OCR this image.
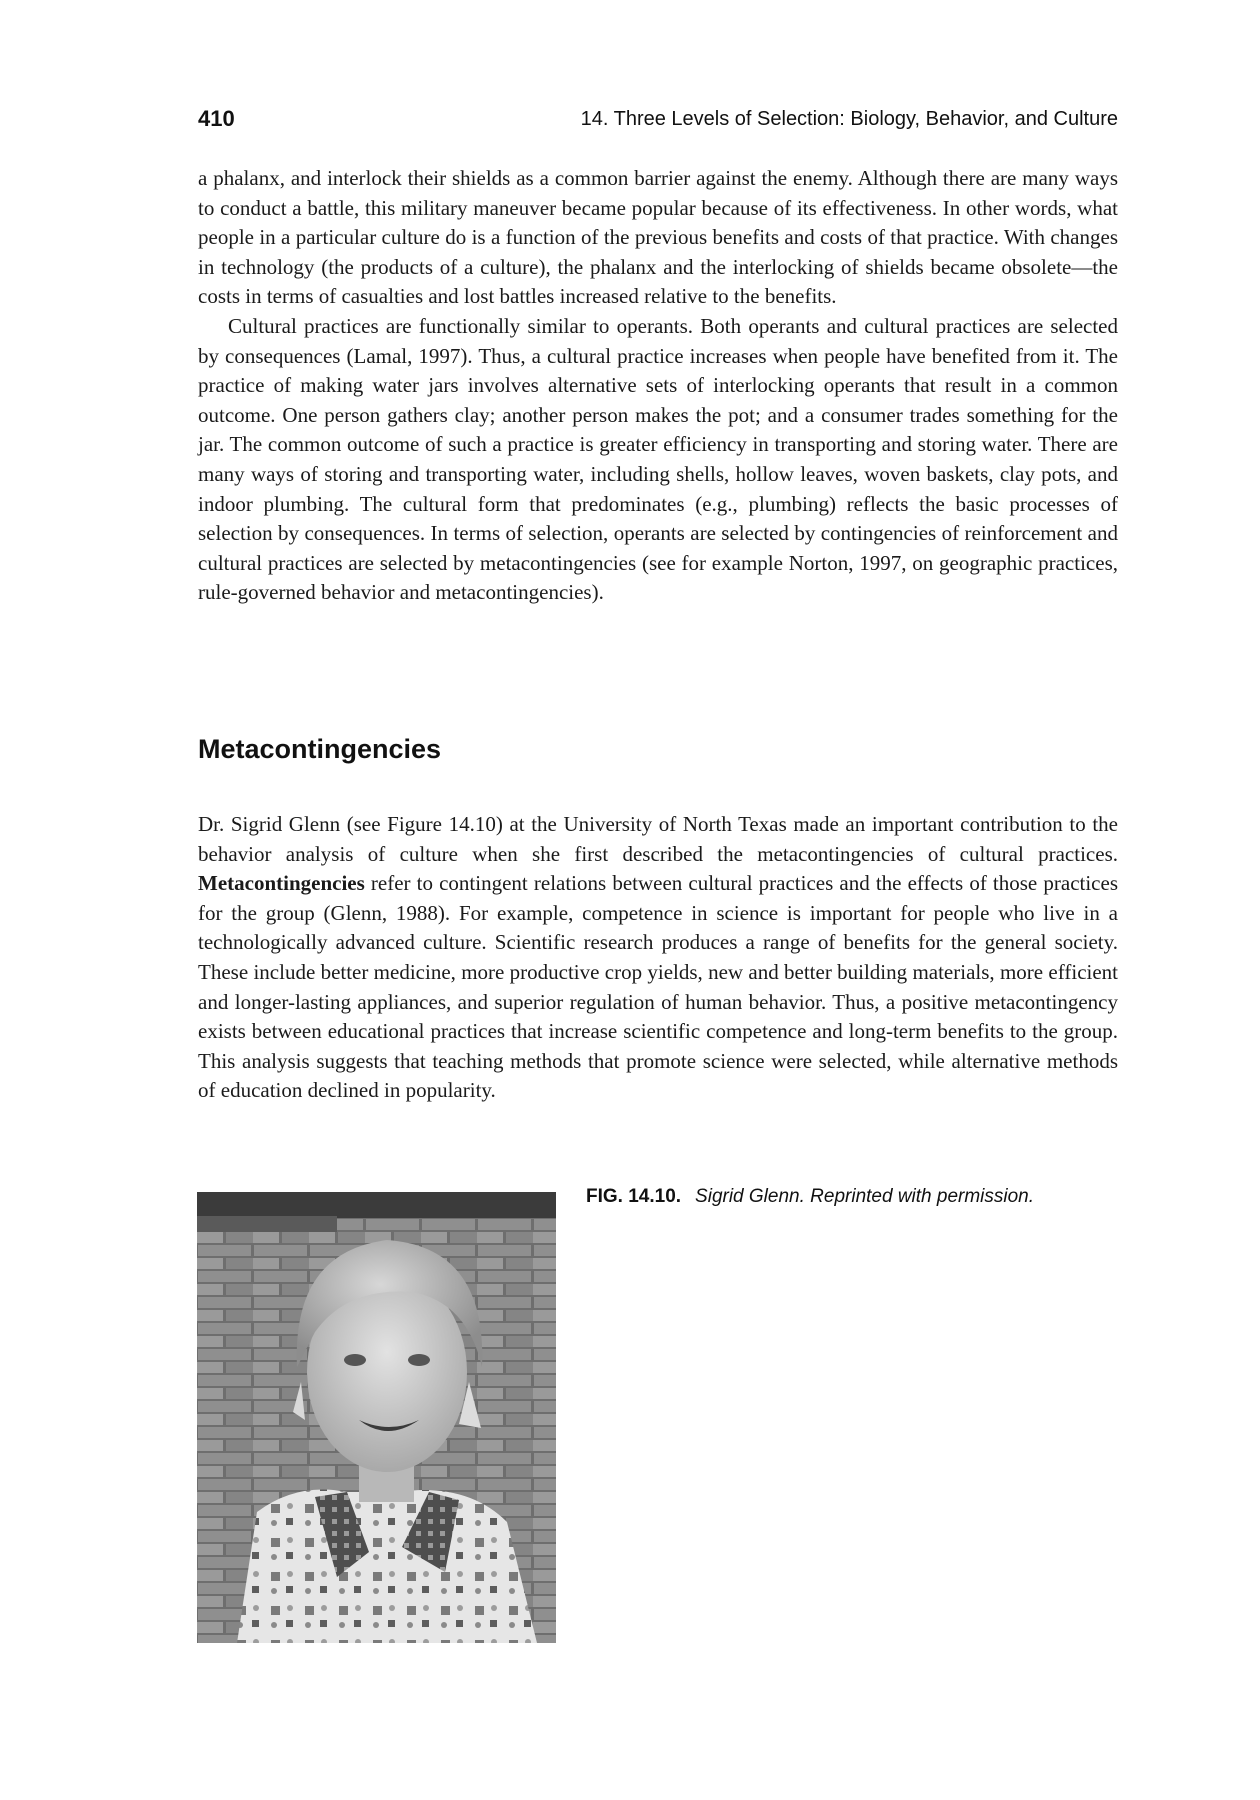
410	14. Three Levels of Selection: Biology, Behavior, and Culture

a phalanx, and interlock their shields as a common barrier against the enemy. Although there are many ways to conduct a battle, this military maneuver became popular because of its effectiveness. In other words, what people in a particular culture do is a function of the previous benefits and costs of that practice. With changes in technology (the products of a culture), the phalanx and the interlocking of shields became obsolete—the costs in terms of casualties and lost battles increased relative to the benefits.

Cultural practices are functionally similar to operants. Both operants and cultural practices are selected by consequences (Lamal, 1997). Thus, a cultural practice increases when people have benefited from it. The practice of making water jars involves alternative sets of interlocking operants that result in a common outcome. One person gathers clay; another person makes the pot; and a consumer trades something for the jar. The common outcome of such a practice is greater efficiency in transporting and storing water. There are many ways of storing and transporting water, including shells, hollow leaves, woven baskets, clay pots, and indoor plumbing. The cultural form that predominates (e.g., plumbing) reflects the basic processes of selection by consequences. In terms of selection, operants are selected by contingencies of reinforcement and cultural practices are selected by metacontingencies (see for example Norton, 1997, on geographic practices, rule-governed behavior and metacontingencies).

Metacontingencies

Dr. Sigrid Glenn (see Figure 14.10) at the University of North Texas made an important contribution to the behavior analysis of culture when she first described the metacontingencies of cultural practices. Metacontingencies refer to contingent relations between cultural practices and the effects of those practices for the group (Glenn, 1988). For example, competence in science is important for people who live in a technologically advanced culture. Scientific research produces a range of benefits for the general society. These include better medicine, more productive crop yields, new and better building materials, more efficient and longer-lasting appliances, and superior regulation of human behavior. Thus, a positive metacontingency exists between educational practices that increase scientific competence and long-term benefits to the group. This analysis suggests that teaching methods that promote science were selected, while alternative methods of education declined in popularity.

FIG. 14.10. Sigrid Glenn. Reprinted with permission.
